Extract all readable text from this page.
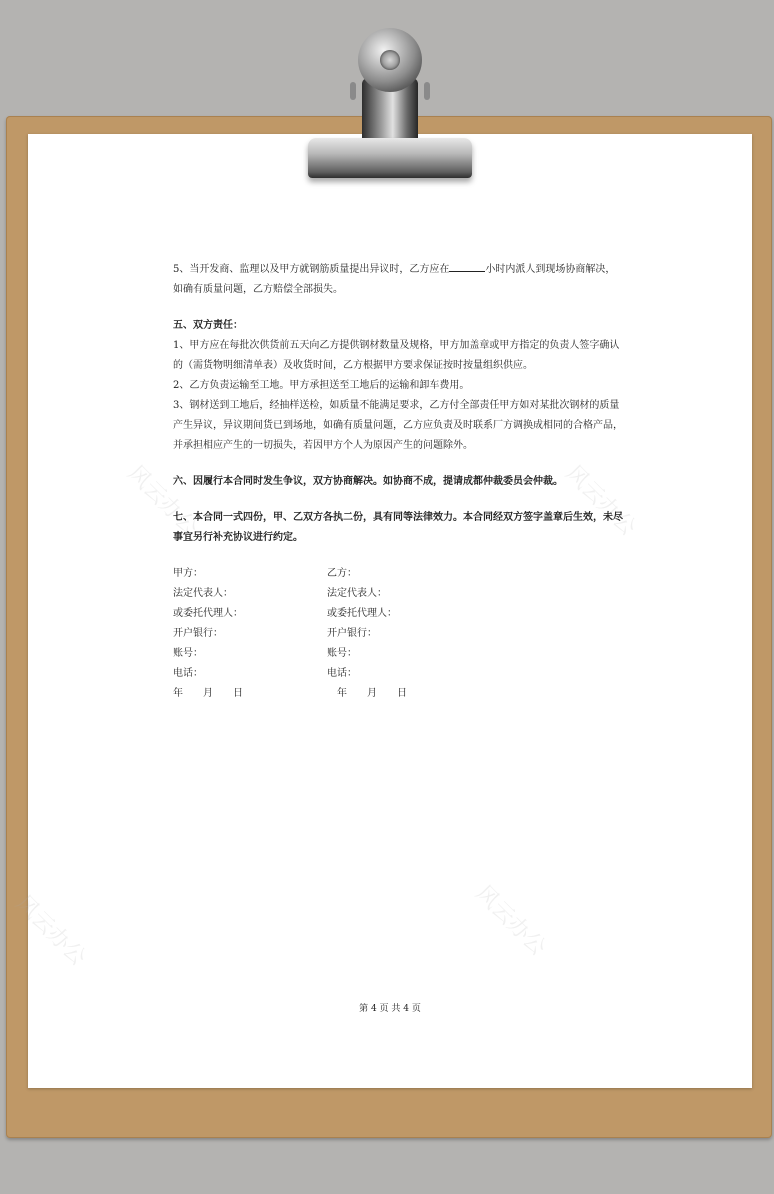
风云办公	风云办公
风云办公	风云办公

5、当开发商、监理以及甲方就钢筋质量提出异议时，乙方应在	小时内派人到现场协商解决，如确有质量问题，乙方赔偿全部损失。

五、双方责任：

1、甲方应在每批次供货前五天向乙方提供钢材数量及规格，甲方加盖章或甲方指定的负责人签字确认的（需货物明细清单表）及收货时间，乙方根据甲方要求保证按时按量组织供应。

2、乙方负责运输至工地。甲方承担送至工地后的运输和卸车费用。

3、钢材送到工地后，经抽样送检，如质量不能满足要求，乙方付全部责任甲方如对某批次钢材的质量产生异议，异议期间货已到场地，如确有质量问题，乙方应负责及时联系厂方调换成相同的合格产品，并承担相应产生的一切损失，若因甲方个人为原因产生的问题除外。

六、因履行本合同时发生争议，双方协商解决。如协商不成，提请成都仲裁委员会仲裁。

七、本合同一式四份，甲、乙双方各执二份，具有同等法律效力。本合同经双方签字盖章后生效，未尽事宜另行补充协议进行约定。

甲方：	乙方：
法定代表人：	法定代表人：
或委托代理人：	或委托代理人：
开户银行：	开户银行：
账号：	账号：
电话：	电话：
年　　月　　日	年　　月　　日
第 4 页 共 4 页
